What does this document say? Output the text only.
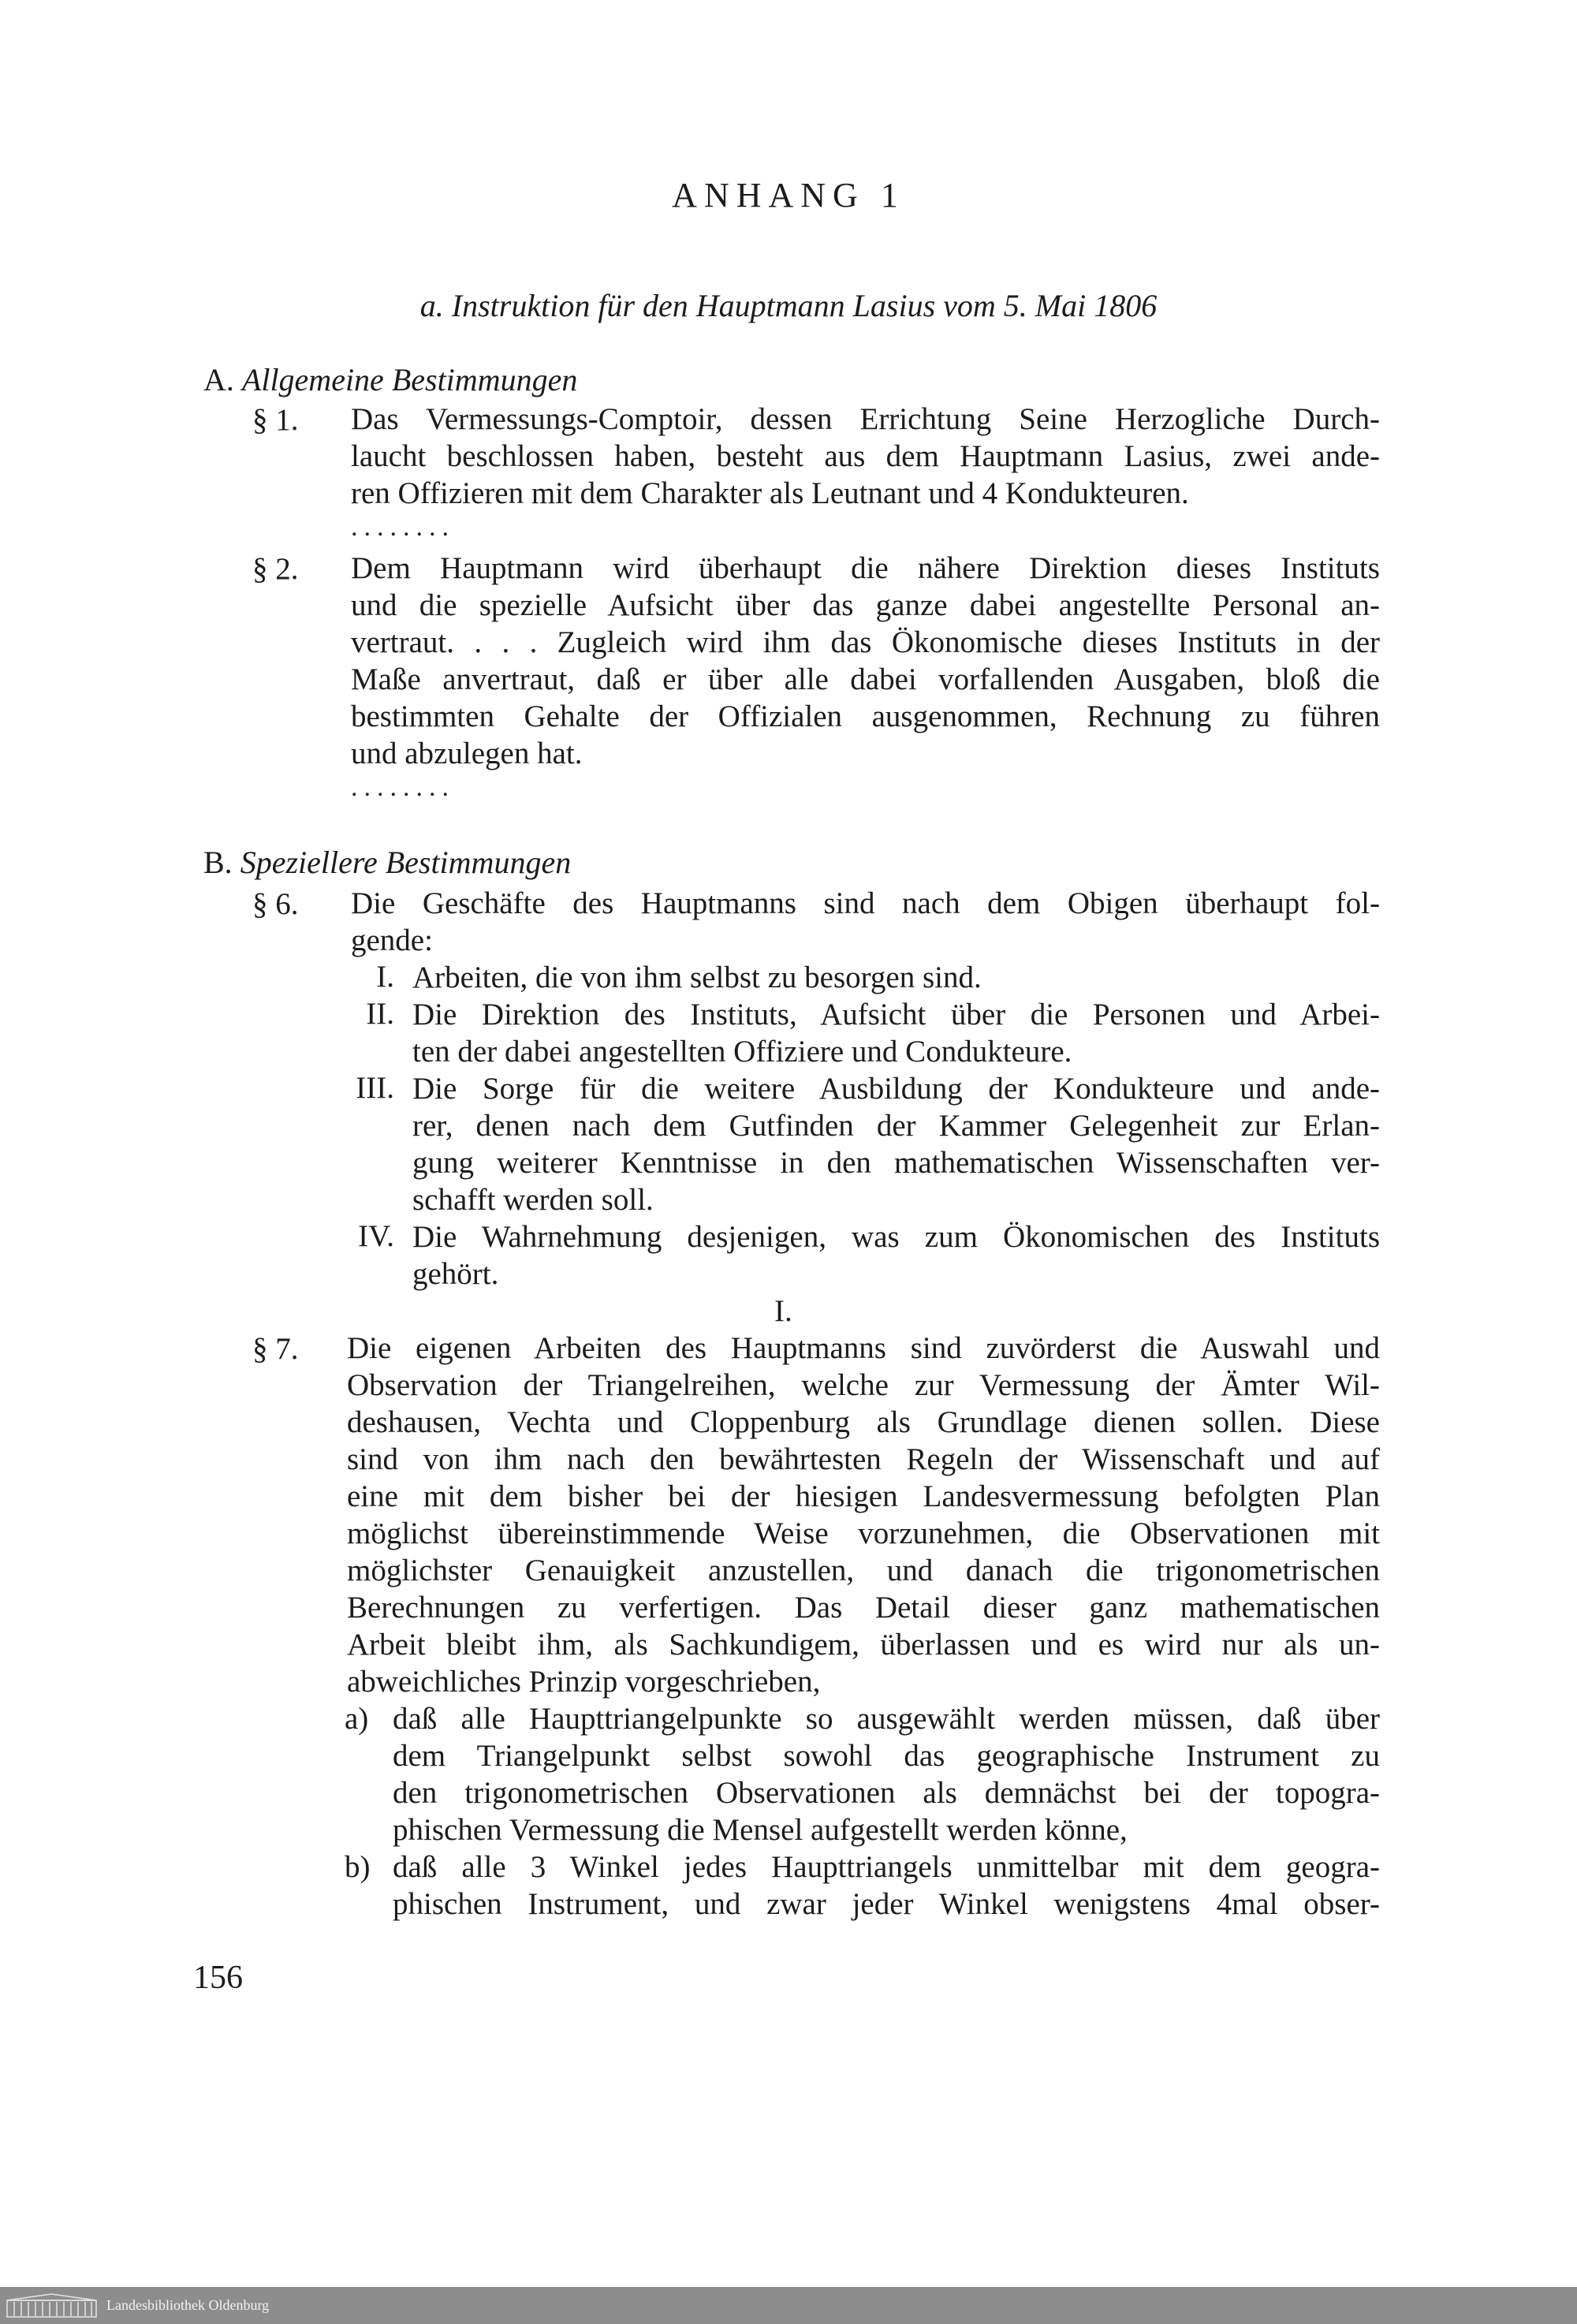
ANHANG 1
a. Instruktion für den Hauptmann Lasius vom 5. Mai 1806
A. Allgemeine Bestimmungen
§ 1. Das Vermessungs-Comptoir, dessen Errichtung Seine Herzogliche Durch-
laucht beschlossen haben, besteht aus dem Hauptmann Lasius, zwei ande-
ren Offizieren mit dem Charakter als Leutnant und 4 Kondukteuren.
........
§ 2. Dem Hauptmann wird überhaupt die nähere Direktion dieses Instituts
und die spezielle Aufsicht über das ganze dabei angestellte Personal an-
vertraut. . . . Zugleich wird ihm das Ökonomische dieses Instituts in der
Maße anvertraut, daß er über alle dabei vorfallenden Ausgaben, bloß die
bestimmten Gehalte der Offizialen ausgenommen, Rechnung zu führen
und abzulegen hat.
........
B. Speziellere Bestimmungen
§ 6. Die Geschäfte des Hauptmanns sind nach dem Obigen überhaupt fol-
gende:
I. Arbeiten, die von ihm selbst zu besorgen sind.
II. Die Direktion des Instituts, Aufsicht über die Personen und Arbei-
ten der dabei angestellten Offiziere und Condukteure.
III. Die Sorge für die weitere Ausbildung der Kondukteure und ande-
rer, denen nach dem Gutfinden der Kammer Gelegenheit zur Erlan-
gung weiterer Kenntnisse in den mathematischen Wissenschaften ver-
schafft werden soll.
IV. Die Wahrnehmung desjenigen, was zum Ökonomischen des Instituts
gehört.
I.
§ 7. Die eigenen Arbeiten des Hauptmanns sind zuvörderst die Auswahl und
Observation der Triangelreihen, welche zur Vermessung der Ämter Wil-
deshausen, Vechta und Cloppenburg als Grundlage dienen sollen. Diese
sind von ihm nach den bewährtesten Regeln der Wissenschaft und auf
eine mit dem bisher bei der hiesigen Landesvermessung befolgten Plan
möglichst übereinstimmende Weise vorzunehmen, die Observationen mit
möglichster Genauigkeit anzustellen, und danach die trigonometrischen
Berechnungen zu verfertigen. Das Detail dieser ganz mathematischen
Arbeit bleibt ihm, als Sachkundigem, überlassen und es wird nur als un-
abweichliches Prinzip vorgeschrieben,
a) daß alle Haupttriangelpunkte so ausgewählt werden müssen, daß über
dem Triangelpunkt selbst sowohl das geographische Instrument zu
den trigonometrischen Observationen als demnächst bei der topogra-
phischen Vermessung die Mensel aufgestellt werden könne,
b) daß alle 3 Winkel jedes Haupttriangels unmittelbar mit dem geogra-
phischen Instrument, und zwar jeder Winkel wenigstens 4mal obser-
156
Landesbibliothek Oldenburg
